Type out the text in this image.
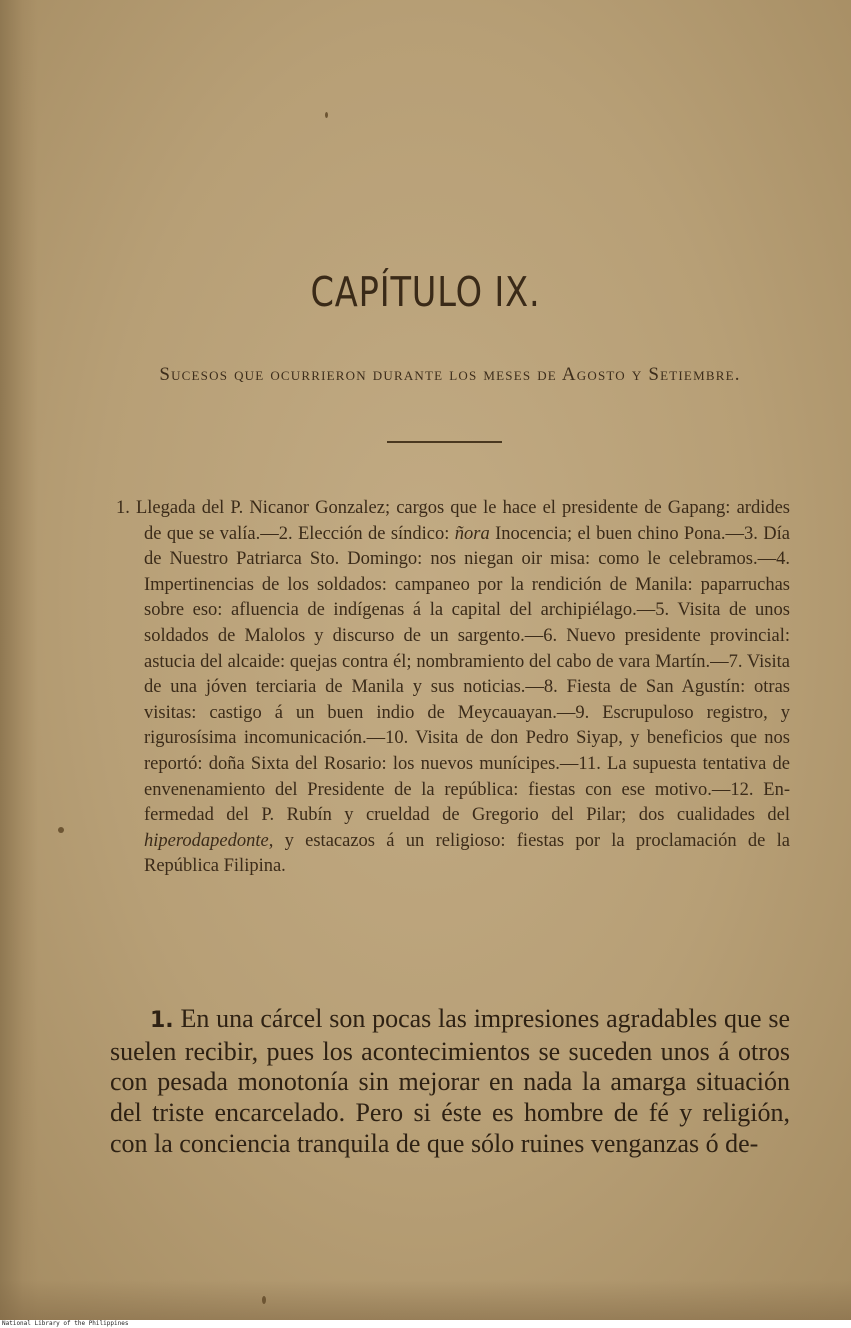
CAPÍTULO IX.
Sucesos que ocurrieron durante los meses de Agosto y Setiembre.
1. Llegada del P. Nicanor Gonzalez; cargos que le hace el presidente de Gapang: ardides de que se valía.—2. Elección de síndico: ñora Inocencia; el buen chino Pona.—3. Día de Nuestro Patriarca Sto. Domingo: nos niegan oir misa: como le celebramos.—4. Impertinencias de los soldados: campaneo por la rendición de Manila: paparruchas sobre eso: afluencia de indígenas á la capital del archipiélago.—5. Visita de unos soldados de Malolos y discurso de un sargento.—6. Nuevo presidente provincial: astucia del alcaide: quejas contra él; nombramiento del cabo de vara Martín.—7. Visita de una jóven terciaria de Manila y sus noticias.—8. Fiesta de San Agustín: otras visitas: castigo á un buen indio de Meycauayan.—9. Escrupuloso registro, y rigurosísima incomunicación.—10. Visita de don Pedro Siyap, y beneficios que nos reportó: doña Sixta del Rosario: los nuevos munícipes.—11. La supuesta tentativa de envenenamiento del Presidente de la república: fiestas con ese motivo.—12. Enfermedad del P. Rubín y crueldad de Gregorio del Pilar; dos cualidades del hiperodapedonte, y estacazos á un religioso: fiestas por la proclamación de la República Filipina.
1. En una cárcel son pocas las impresiones agradables que se suelen recibir, pues los acontecimientos se suceden unos á otros con pesada monotonía sin mejorar en nada la amarga situación del triste encarcelado. Pero si éste es hombre de fé y religión, con la conciencia tranquila de que sólo ruines venganzas ó de-
National Library of the Philippines
